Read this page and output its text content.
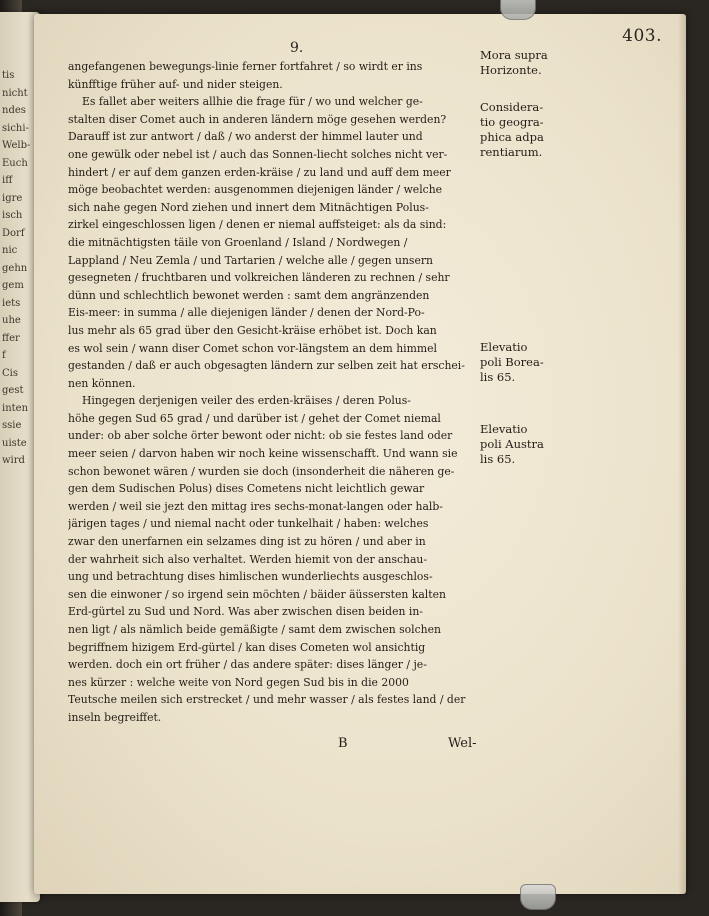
tis
nicht
ndes
sichi-
Welb-
Euch
iff
igre
isch
Dorf
nic
gehn
gem
iets
uhe
ffer
f
Cis
gest
inten
ssie
uiste
wird
403.
9.
angefangenen bewegungs-linie ferner fortfahret / so wirdt er ins
künfftige früher auf- und nider steigen.
Es fallet aber weiters allhie die frage für / wo und welcher ge-
stalten diser Comet auch in anderen ländern möge gesehen werden?
Darauff ist zur antwort / daß / wo anderst der himmel lauter und
one gewülk oder nebel ist / auch das Sonnen-liecht solches nicht ver-
hindert / er auf dem ganzen erden-kräise / zu land und auff dem meer
möge beobachtet werden: ausgenommen diejenigen länder / welche
sich nahe gegen Nord ziehen und innert dem Mitnächtigen Polus-
zirkel eingeschlossen ligen / denen er niemal auffsteiget: als da sind:
die mitnächtigsten täile von Groenland / Island / Nordwegen /
Lappland / Neu Zemla / und Tartarien / welche alle / gegen unsern
gesegneten / fruchtbaren und volkreichen länderen zu rechnen / sehr
dünn und schlechtlich bewonet werden : samt dem angränzenden
Eis-meer: in summa / alle diejenigen länder / denen der Nord-Po-
lus mehr als 65 grad über den Gesicht-kräise erhöbet ist. Doch kan
es wol sein / wann diser Comet schon vor-längstem an dem himmel
gestanden / daß er auch obgesagten ländern zur selben zeit hat erschei-
nen können.
Hingegen derjenigen veiler des erden-kräises / deren Polus-
höhe gegen Sud 65 grad / und darüber ist / gehet der Comet niemal
under: ob aber solche örter bewont oder nicht: ob sie festes land oder
meer seien / darvon haben wir noch keine wissenschafft. Und wann sie
schon bewonet wären / wurden sie doch (insonderheit die näheren ge-
gen dem Sudischen Polus) dises Cometens nicht leichtlich gewar
werden / weil sie jezt den mittag ires sechs-monat-langen oder halb-
järigen tages / und niemal nacht oder tunkelhait / haben: welches
zwar den unerfarnen ein selzames ding ist zu hören / und aber in
der wahrheit sich also verhaltet. Werden hiemit von der anschau-
ung und betrachtung dises himlischen wunderliechts ausgeschlos-
sen die einwoner / so irgend sein möchten / bäider äüssersten kalten
Erd-gürtel zu Sud und Nord. Was aber zwischen disen beiden in-
nen ligt / als nämlich beide gemäßigte / samt dem zwischen solchen
begriffnem hizigem Erd-gürtel / kan dises Cometen wol ansichtig
werden. doch ein ort früher / das andere später: dises länger / je-
nes kürzer : welche weite von Nord gegen Sud bis in die 2000
Teutsche meilen sich erstrecket / und mehr wasser / als festes land / der
inseln begreiffet.
Mora supra
Horizonte.
Considera-
tio geogra-
phica adpa
rentiarum.
Elevatio
poli Borea-
lis 65.
Elevatio
poli Austra
lis 65.
B	Wel-
